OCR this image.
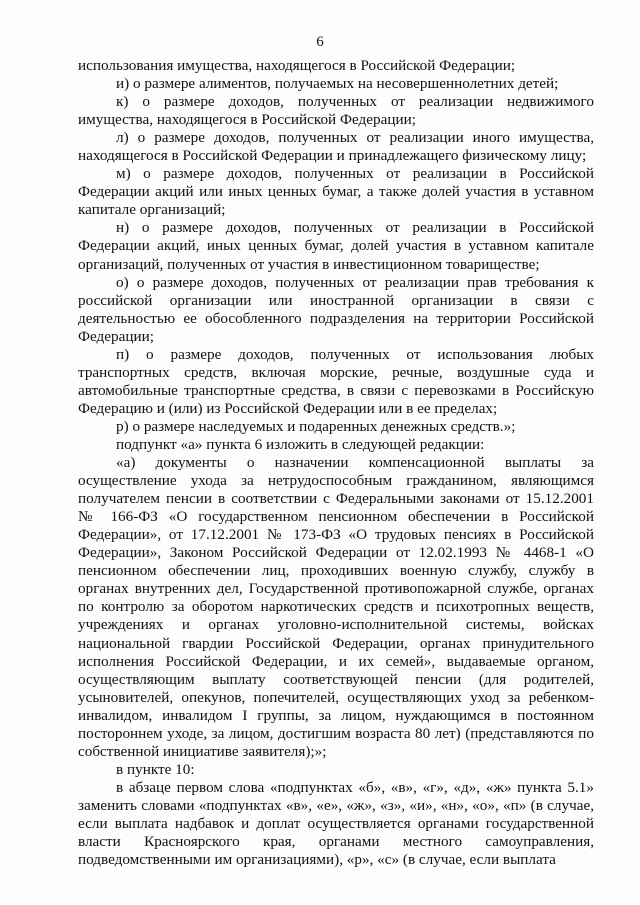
6

использования имущества, находящегося в Российской Федерации;

и) о размере алиментов, получаемых на несовершеннолетних детей;

к) о размере доходов, полученных от реализации недвижимого имущества, находящегося в Российской Федерации;

л) о размере доходов, полученных от реализации иного имущества, находящегося в Российской Федерации и принадлежащего физическому лицу;

м) о размере доходов, полученных от реализации в Российской Федерации акций или иных ценных бумаг, а также долей участия в уставном капитале организаций;

н) о размере доходов, полученных от реализации в Российской Федерации акций, иных ценных бумаг, долей участия в уставном капитале организаций, полученных от участия в инвестиционном товариществе;

о) о размере доходов, полученных от реализации прав требования к российской организации или иностранной организации в связи с деятельностью ее обособленного подразделения на территории Российской Федерации;

п) о размере доходов, полученных от использования любых транспортных средств, включая морские, речные, воздушные суда и автомобильные транспортные средства, в связи с перевозками в Российскую Федерацию и (или) из Российской Федерации или в ее пределах;

р) о размере наследуемых и подаренных денежных средств.»;

подпункт «а» пункта 6 изложить в следующей редакции:

«а) документы о назначении компенсационной выплаты за осуществление ухода за нетрудоспособным гражданином, являющимся получателем пенсии в соответствии с Федеральными законами от 15.12.2001 № 166-ФЗ «О государственном пенсионном обеспечении в Российской Федерации», от 17.12.2001 № 173-ФЗ «О трудовых пенсиях в Российской Федерации», Законом Российской Федерации от 12.02.1993 № 4468-1 «О пенсионном обеспечении лиц, проходивших военную службу, службу в органах внутренних дел, Государственной противопожарной службе, органах по контролю за оборотом наркотических средств и психотропных веществ, учреждениях и органах уголовно-исполнительной системы, войсках национальной гвардии Российской Федерации, органах принудительного исполнения Российской Федерации, и их семей», выдаваемые органом, осуществляющим выплату соответствующей пенсии (для родителей, усыновителей, опекунов, попечителей, осуществляющих уход за ребенком-инвалидом, инвалидом I группы, за лицом, нуждающимся в постоянном постороннем уходе, за лицом, достигшим возраста 80 лет) (представляются по собственной инициативе заявителя);»;

в пункте 10:

в абзаце первом слова «подпунктах «б», «в», «г», «д», «ж» пункта 5.1» заменить словами «подпунктах «в», «е», «ж», «з», «и», «н», «о», «п» (в случае, если выплата надбавок и доплат осуществляется органами государственной власти Красноярского края, органами местного самоуправления, подведомственными им организациями), «р», «с» (в случае, если выплата
